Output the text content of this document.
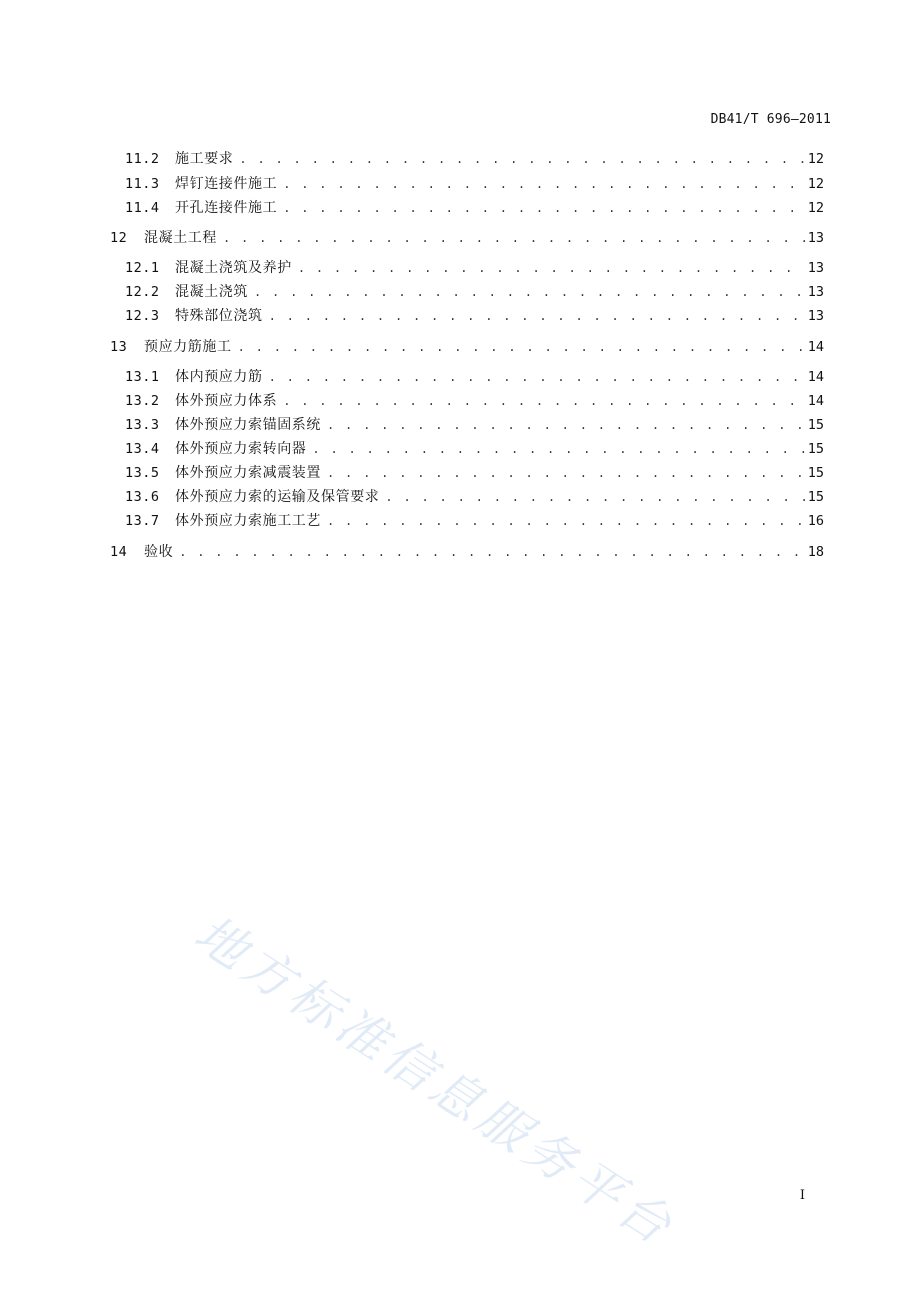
DB41/T 696—2011
11.2	施工要求 . . .	12
11.3	焊钉连接件施工 . . .	12
11.4	开孔连接件施工 . . .	12
12	混凝土工程 . . .	13
12.1	混凝土浇筑及养护 . . .	13
12.2	混凝土浇筑 . . .	13
12.3	特殊部位浇筑 . . .	13
13	预应力筋施工 . . .	14
13.1	体内预应力筋 . . .	14
13.2	体外预应力体系 . . .	14
13.3	体外预应力索锚固系统 . . .	15
13.4	体外预应力索转向器 . . .	15
13.5	体外预应力索减震装置 . . .	15
13.6	体外预应力索的运输及保管要求 . . .	15
13.7	体外预应力索施工工艺 . . .	16
14	验收 . . .	18
地方标准信息服务平台	I
